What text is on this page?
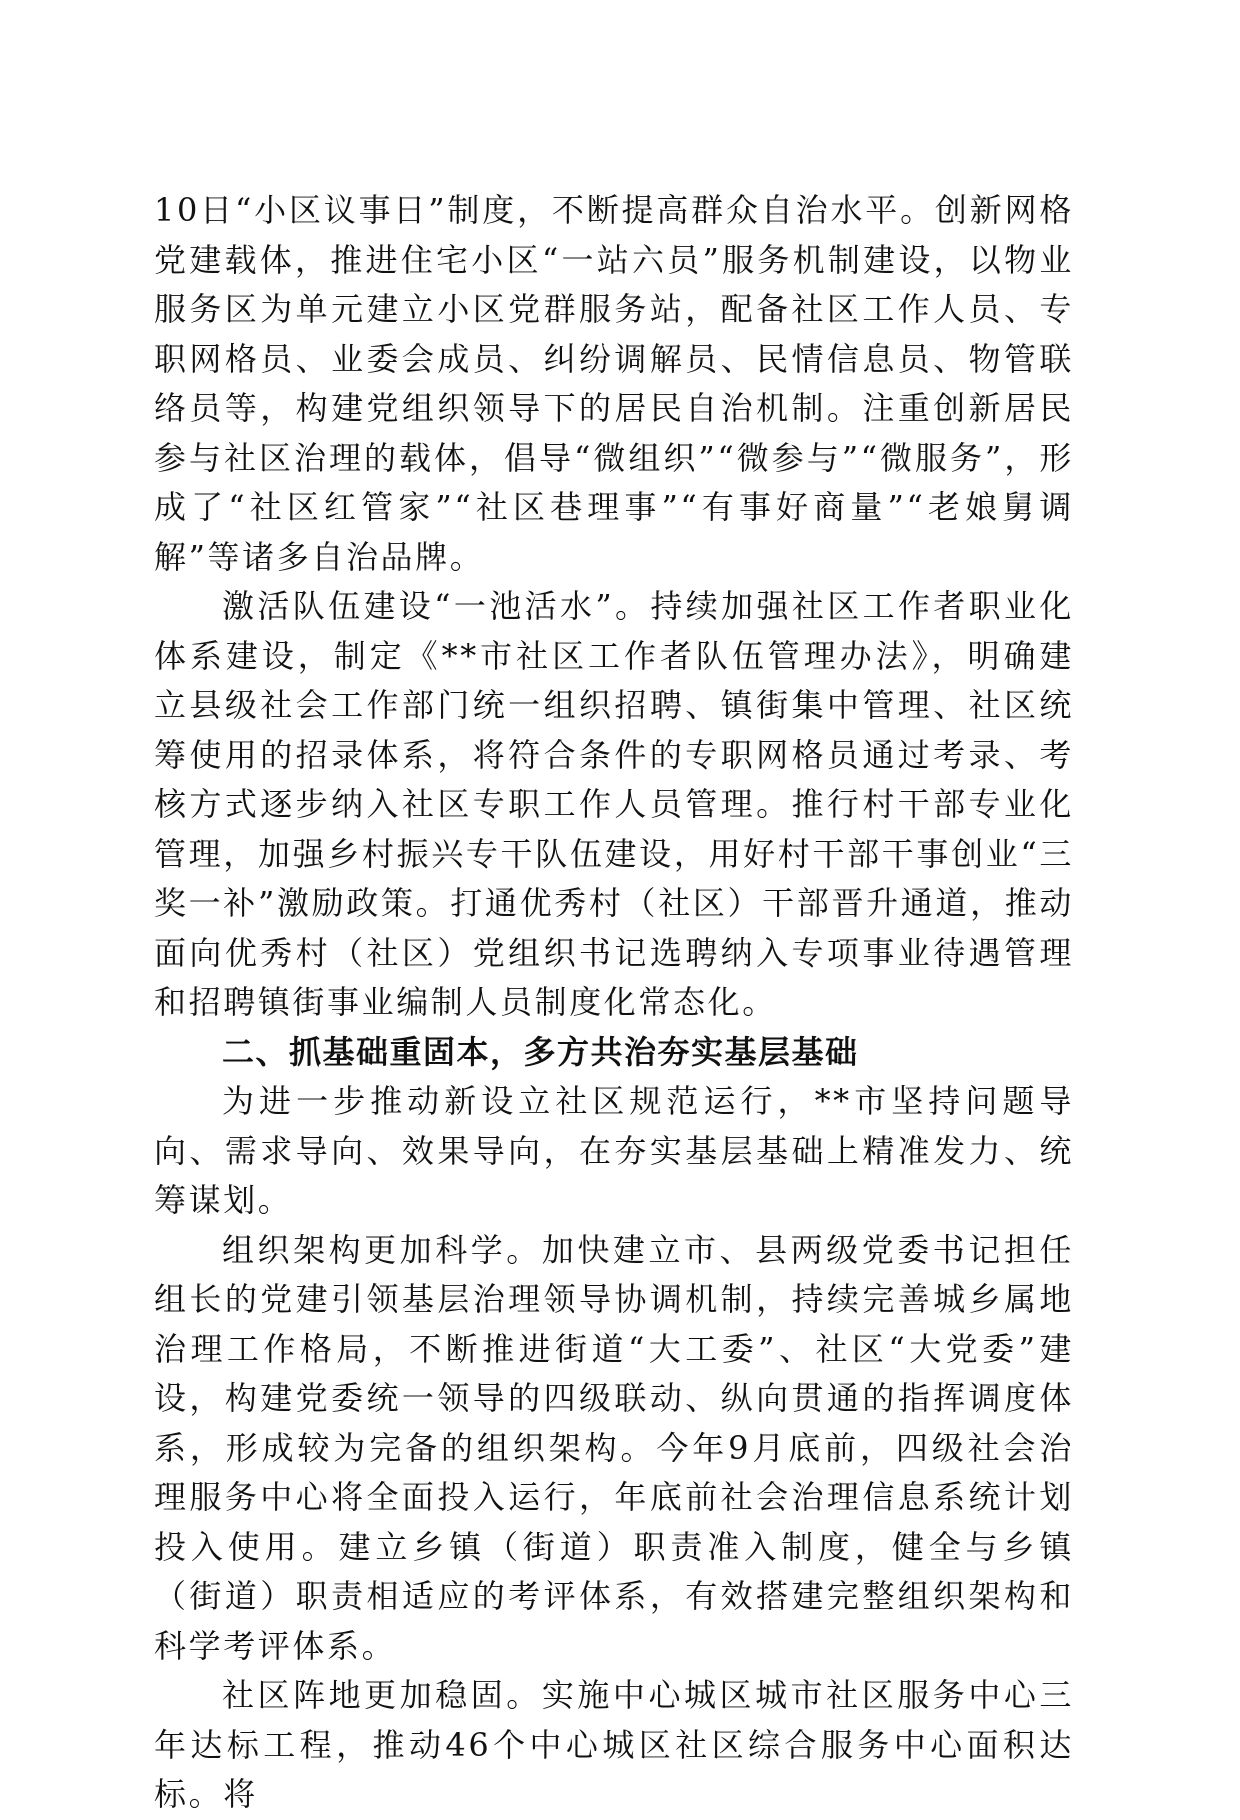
10日“小区议事日”制度，不断提高群众自治水平。创新网格党建载体，推进住宅小区“一站六员”服务机制建设，以物业服务区为单元建立小区党群服务站，配备社区工作人员、专职网格员、业委会成员、纠纷调解员、民情信息员、物管联络员等，构建党组织领导下的居民自治机制。注重创新居民参与社区治理的载体，倡导“微组织”“微参与”“微服务”，形成了“社区红管家”“社区巷理事”“有事好商量”“老娘舅调解”等诸多自治品牌。

激活队伍建设“一池活水”。持续加强社区工作者职业化体系建设，制定《**市社区工作者队伍管理办法》，明确建立县级社会工作部门统一组织招聘、镇街集中管理、社区统筹使用的招录体系，将符合条件的专职网格员通过考录、考核方式逐步纳入社区专职工作人员管理。推行村干部专业化管理，加强乡村振兴专干队伍建设，用好村干部干事创业“三奖一补”激励政策。打通优秀村（社区）干部晋升通道，推动面向优秀村（社区）党组织书记选聘纳入专项事业待遇管理和招聘镇街事业编制人员制度化常态化。

二、抓基础重固本，多方共治夯实基层基础

为进一步推动新设立社区规范运行，**市坚持问题导向、需求导向、效果导向，在夯实基层基础上精准发力、统筹谋划。

组织架构更加科学。加快建立市、县两级党委书记担任组长的党建引领基层治理领导协调机制，持续完善城乡属地治理工作格局，不断推进街道“大工委”、社区“大党委”建设，构建党委统一领导的四级联动、纵向贯通的指挥调度体系，形成较为完备的组织架构。今年9月底前，四级社会治理服务中心将全面投入运行，年底前社会治理信息系统计划投入使用。建立乡镇（街道）职责准入制度，健全与乡镇（街道）职责相适应的考评体系，有效搭建完整组织架构和科学考评体系。

社区阵地更加稳固。实施中心城区城市社区服务中心三年达标工程，推动46个中心城区社区综合服务中心面积达标。将
